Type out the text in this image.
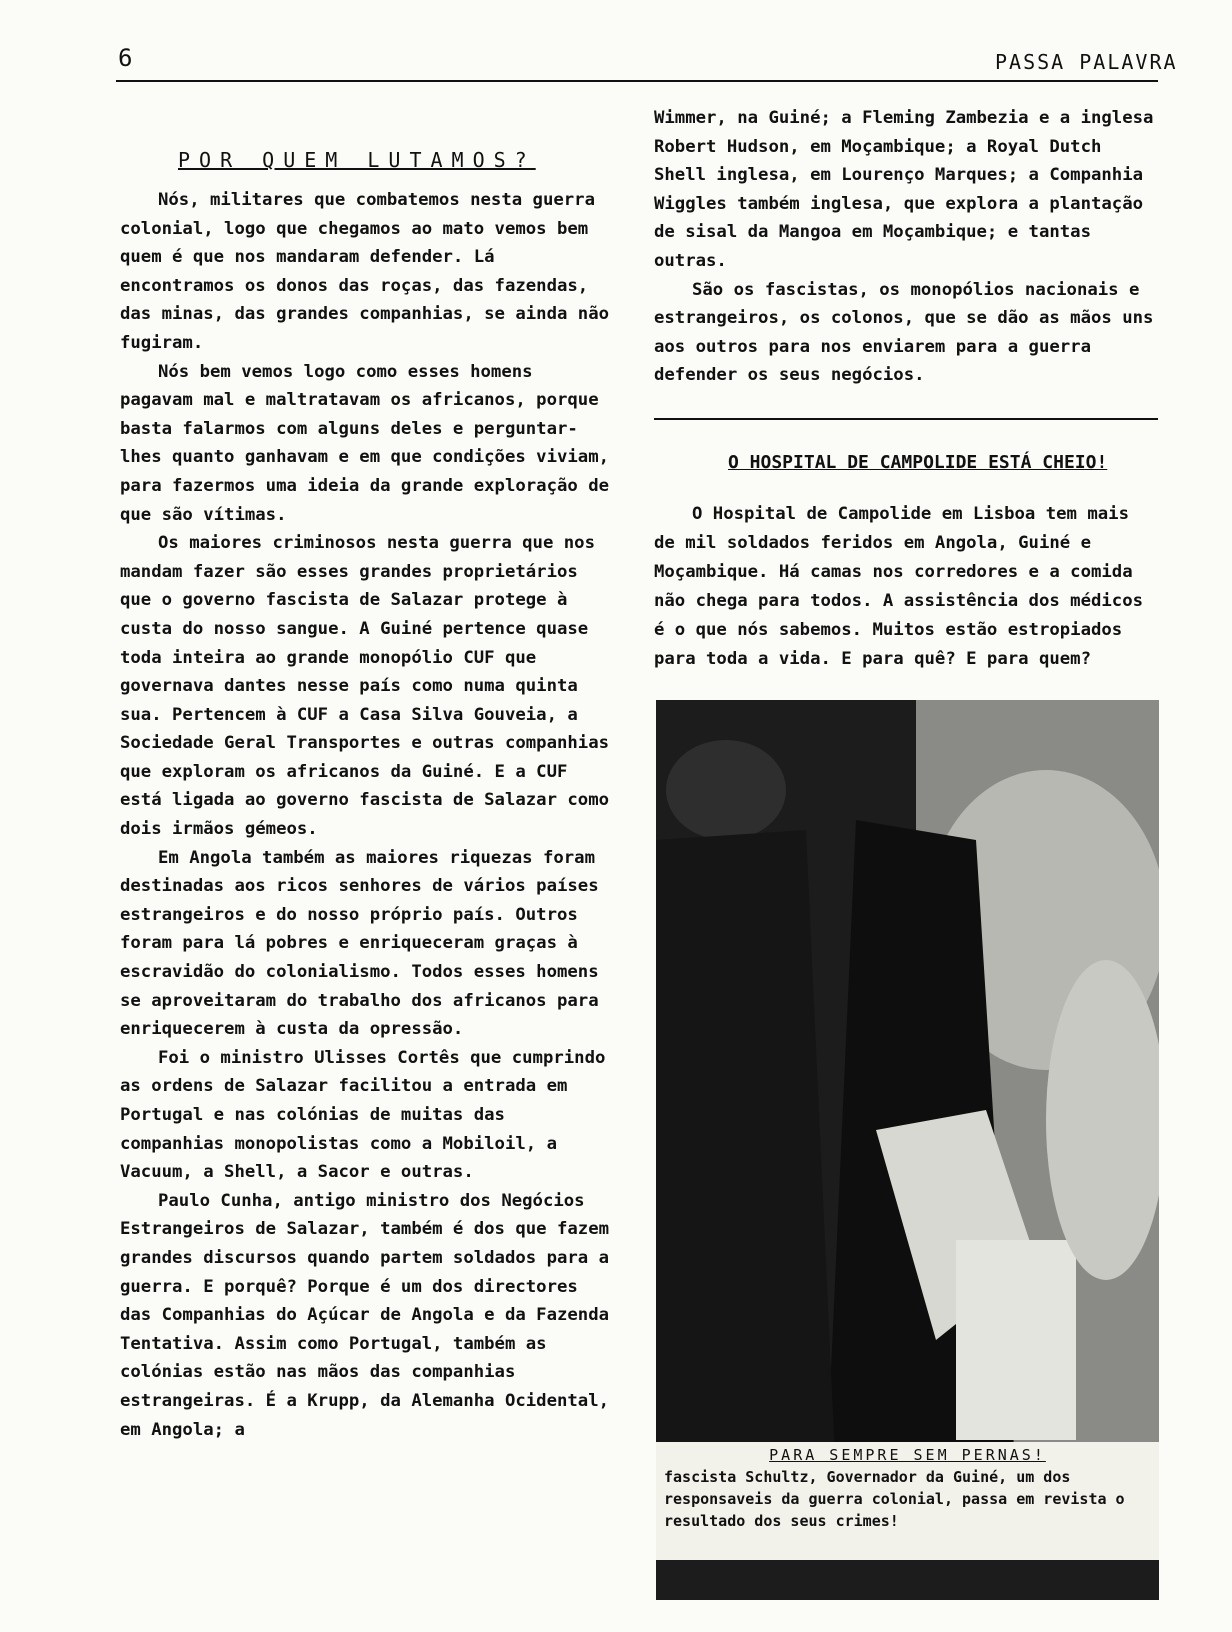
6	PASSA PALAVRA
POR QUEM LUTAMOS?

Nós, militares que combatemos nesta guerra colonial, logo que chegamos ao mato vemos bem quem é que nos mandaram defender. Lá encontramos os donos das roças, das fazendas, das minas, das grandes companhias, se ainda não fugiram.

Nós bem vemos logo como esses homens pagavam mal e maltratavam os africanos, porque basta falarmos com alguns deles e perguntar-lhes quanto ganhavam e em que condições viviam, para fazermos uma ideia da grande exploração de que são vítimas.

Os maiores criminosos nesta guerra que nos mandam fazer são esses grandes proprietários que o governo fascista de Salazar protege à custa do nosso sangue. A Guiné pertence quase toda inteira ao grande monopólio CUF que governava dantes nesse país como numa quinta sua. Pertencem à CUF a Casa Silva Gouveia, a Sociedade Geral Transportes e outras companhias que exploram os africanos da Guiné. E a CUF está ligada ao governo fascista de Salazar como dois irmãos gémeos.

Em Angola também as maiores riquezas foram destinadas aos ricos senhores de vários países estrangeiros e do nosso próprio país. Outros foram para lá pobres e enriqueceram graças à escravidão do colonialismo. Todos esses homens se aproveitaram do trabalho dos africanos para enriquecerem à custa da opressão.

Foi o ministro Ulisses Cortês que cumprindo as ordens de Salazar facilitou a entrada em Portugal e nas colónias de muitas das companhias monopolistas como a Mobiloil, a Vacuum, a Shell, a Sacor e outras.

Paulo Cunha, antigo ministro dos Negócios Estrangeiros de Salazar, também é dos que fazem grandes discursos quando partem soldados para a guerra. E porquê? Porque é um dos directores das Companhias do Açúcar de Angola e da Fazenda Tentativa. Assim como Portugal, também as colónias estão nas mãos das companhias estrangeiras. É a Krupp, da Alemanha Ocidental, em Angola; a

Wimmer, na Guiné; a Fleming Zambezia e a inglesa Robert Hudson, em Moçambique; a Royal Dutch Shell inglesa, em Lourenço Marques; a Companhia Wiggles também inglesa, que explora a plantação de sisal da Mangoa em Moçambique; e tantas outras.

São os fascistas, os monopólios nacionais e estrangeiros, os colonos, que se dão as mãos uns aos outros para nos enviarem para a guerra defender os seus negócios.

O HOSPITAL DE CAMPOLIDE ESTÁ CHEIO!

O Hospital de Campolide em Lisboa tem mais de mil soldados feridos em Angola, Guiné e Moçambique. Há camas nos corredores e a comida não chega para todos. A assistência dos médicos é o que nós sabemos. Muitos estão estropiados para toda a vida. E para quê? E para quem?

PARA SEMPRE SEM PERNAS!
fascista Schultz, Governador da Guiné, um dos responsaveis da guerra colonial, passa em revista o resultado dos seus crimes!
